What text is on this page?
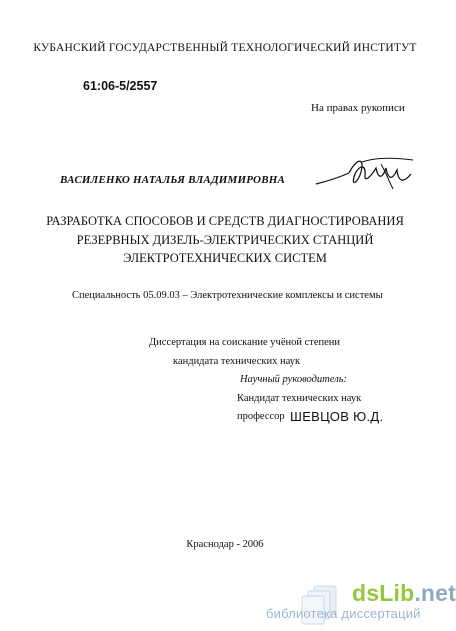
КУБАНСКИЙ ГОСУДАРСТВЕННЫЙ ТЕХНОЛОГИЧЕСКИЙ ИНСТИТУТ
61:06-5/2557
На правах рукописи
ВАСИЛЕНКО НАТАЛЬЯ ВЛАДИМИРОВНА
РАЗРАБОТКА СПОСОБОВ И СРЕДСТВ ДИАГНОСТИРОВАНИЯ
РЕЗЕРВНЫХ ДИЗЕЛЬ-ЭЛЕКТРИЧЕСКИХ СТАНЦИЙ
ЭЛЕКТРОТЕХНИЧЕСКИХ СИСТЕМ
Специальность 05.09.03 – Электротехнические комплексы и системы
Диссертация на соискание учёной степени
кандидата технических наук
Научный руководитель:
Кандидат технических наук
профессор ШЕВЦОВ Ю.Д.
Краснодар - 2006
dsLib.net
библиотека диссертаций
